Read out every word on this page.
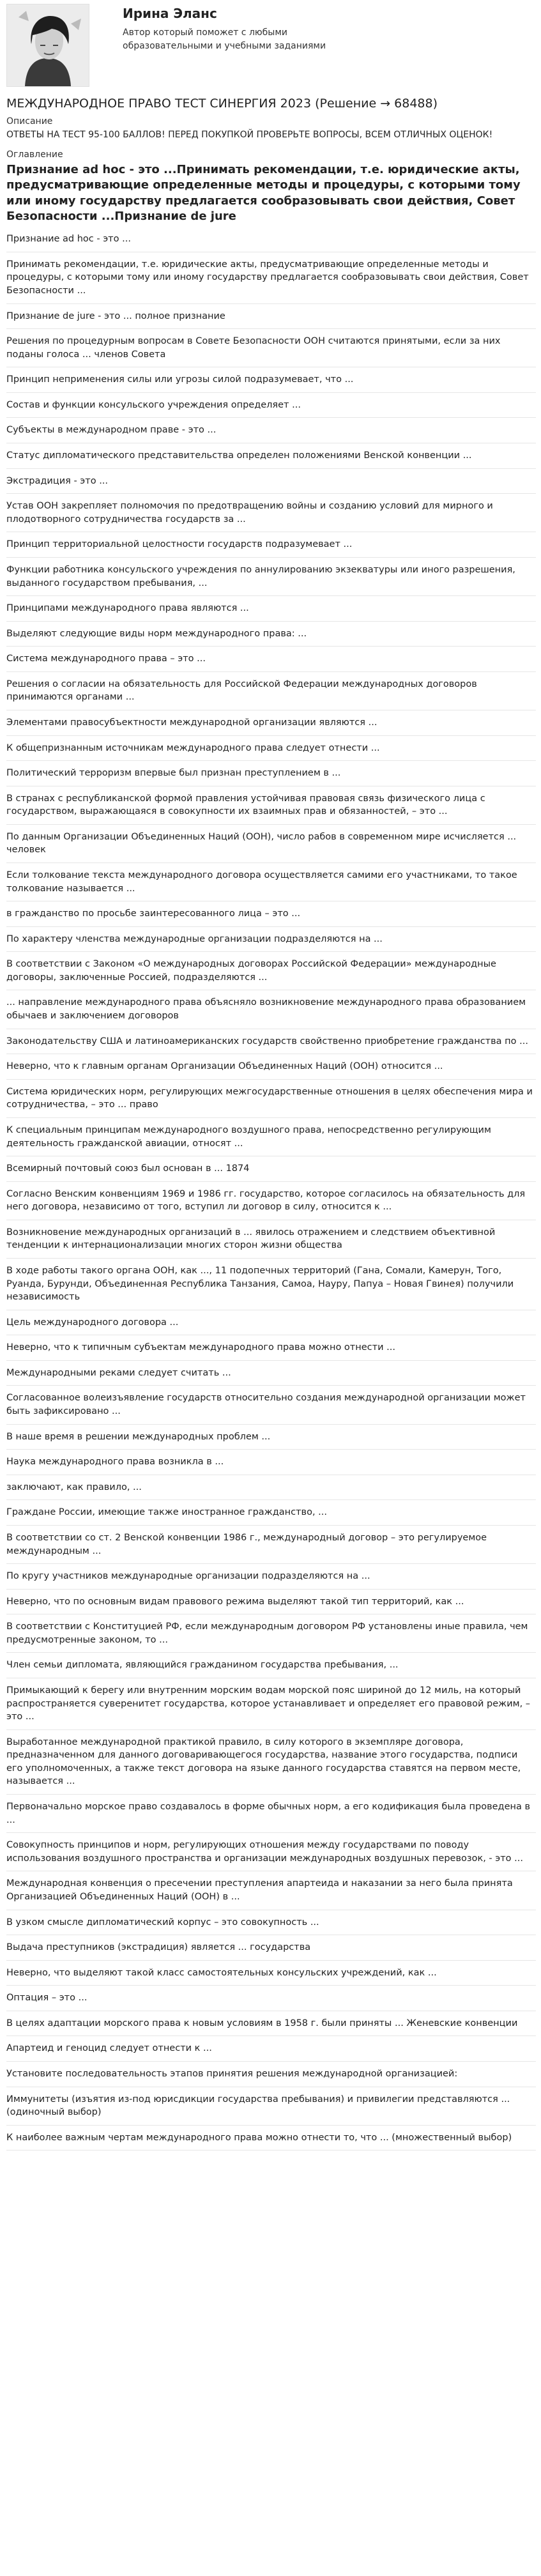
Ирина Эланс
Автор который поможет с любыми образовательными и учебными заданиями
МЕЖДУНАРОДНОЕ ПРАВО ТЕСТ СИНЕРГИЯ 2023 (Решение → 68488)
Описание
ОТВЕТЫ НА ТЕСТ 95-100 БАЛЛОВ! ПЕРЕД ПОКУПКОЙ ПРОВЕРЬТЕ ВОПРОСЫ, ВСЕМ ОТЛИЧНЫХ ОЦЕНОК!
Оглавление
Признание ad hoc - это ...Принимать рекомендации, т.е. юридические акты, предусматривающие определенные методы и процедуры, с которыми тому или иному государству предлагается сообразовывать свои действия, Совет Безопасности ...Признание de jure
Признание ad hoc - это ...
Принимать рекомендации, т.е. юридические акты, предусматривающие определенные методы и процедуры, с которыми тому или иному государству предлагается сообразовывать свои действия, Совет Безопасности ...
Признание de jure - это ... полное признание
Решения по процедурным вопросам в Совете Безопасности ООН считаются принятыми, если за них поданы голоса ... членов Совета
Принцип неприменения силы или угрозы силой подразумевает, что ...
Состав и функции консульского учреждения определяет ...
Субъекты в международном праве - это ...
Статус дипломатического представительства определен положениями Венской конвенции ...
Экстрадиция - это ...
Устав ООН закрепляет полномочия по предотвращению войны и созданию условий для мирного и плодотворного сотрудничества государств за ...
Принцип территориальной целостности государств подразумевает ...
Функции работника консульского учреждения по аннулированию экзекватуры или иного разрешения, выданного государством пребывания, ...
Принципами международного права являются ...
Выделяют следующие виды норм международного права: ...
Система международного права – это ...
Решения о согласии на обязательность для Российской Федерации международных договоров принимаются органами ...
Элементами правосубъектности международной организации являются ...
К общепризнанным источникам международного права следует отнести ...
Политический терроризм впервые был признан преступлением в ...
В странах с республиканской формой правления устойчивая правовая связь физического лица с государством, выражающаяся в совокупности их взаимных прав и обязанностей, – это ...
По данным Организации Объединенных Наций (ООН), число рабов в современном мире исчисляется ... человек
Если толкование текста международного договора осуществляется самими его участниками, то такое толкование называется ...
в гражданство по просьбе заинтересованного лица – это ...
По характеру членства международные организации подразделяются на ...
В соответствии с Законом «О международных договорах Российской Федерации» международные договоры, заключенные Россией, подразделяются ...
... направление международного права объясняло возникновение международного права образованием обычаев и заключением договоров
Законодательству США и латиноамериканских государств свойственно приобретение гражданства по ...
Неверно, что к главным органам Организации Объединенных Наций (ООН) относится ...
Система юридических норм, регулирующих межгосударственные отношения в целях обеспечения мира и сотрудничества, – это ... право
К специальным принципам международного воздушного права, непосредственно регулирующим деятельность гражданской авиации, относят ...
Всемирный почтовый союз был основан в ... 1874
Согласно Венским конвенциям 1969 и 1986 гг. государство, которое согласилось на обязательность для него договора, независимо от того, вступил ли договор в силу, относится к ...
Возникновение международных организаций в ... явилось отражением и следствием объективной тенденции к интернационализации многих сторон жизни общества
В ходе работы такого органа ООН, как ..., 11 подопечных территорий (Гана, Сомали, Камерун, Того, Руанда, Бурунди, Объединенная Республика Танзания, Самоа, Науру, Папуа – Новая Гвинея) получили независимость
Цель международного договора ...
Неверно, что к типичным субъектам международного права можно отнести ...
Международными реками следует считать ...
Согласованное волеизъявление государств относительно создания международной организации может быть зафиксировано ...
В наше время в решении международных проблем ...
Наука международного права возникла в ...
заключают, как правило, ...
Граждане России, имеющие также иностранное гражданство, ...
В соответствии со ст. 2 Венской конвенции 1986 г., международный договор – это регулируемое международным ...
По кругу участников международные организации подразделяются на ...
Неверно, что по основным видам правового режима выделяют такой тип территорий, как ...
В соответствии с Конституцией РФ, если международным договором РФ установлены иные правила, чем предусмотренные законом, то ...
Член семьи дипломата, являющийся гражданином государства пребывания, ...
Примыкающий к берегу или внутренним морским водам морской пояс шириной до 12 миль, на который распространяется суверенитет государства, которое устанавливает и определяет его правовой режим, – это ...
Выработанное международной практикой правило, в силу которого в экземпляре договора, предназначенном для данного договаривающегося государства, название этого государства, подписи его уполномоченных, а также текст договора на языке данного государства ставятся на первом месте, называется ...
Первоначально морское право создавалось в форме обычных норм, а его кодификация была проведена в ...
Совокупность принципов и норм, регулирующих отношения между государствами по поводу использования воздушного пространства и организации международных воздушных перевозок, - это ...
Международная конвенция о пресечении преступления апартеида и наказании за него была принята Организацией Объединенных Наций (ООН) в ...
В узком смысле дипломатический корпус – это совокупность ...
Выдача преступников (экстрадиция) является ... государства
Неверно, что выделяют такой класс самостоятельных консульских учреждений, как ...
Оптация – это ...
В целях адаптации морского права к новым условиям в 1958 г. были приняты ... Женевские конвенции
Апартеид и геноцид следует отнести к ...
Установите последовательность этапов принятия решения международной организацией:
Иммунитеты (изъятия из-под юрисдикции государства пребывания) и привилегии представляются ... (одиночный выбор)
К наиболее важным чертам международного права можно отнести то, что ... (множественный выбор)
